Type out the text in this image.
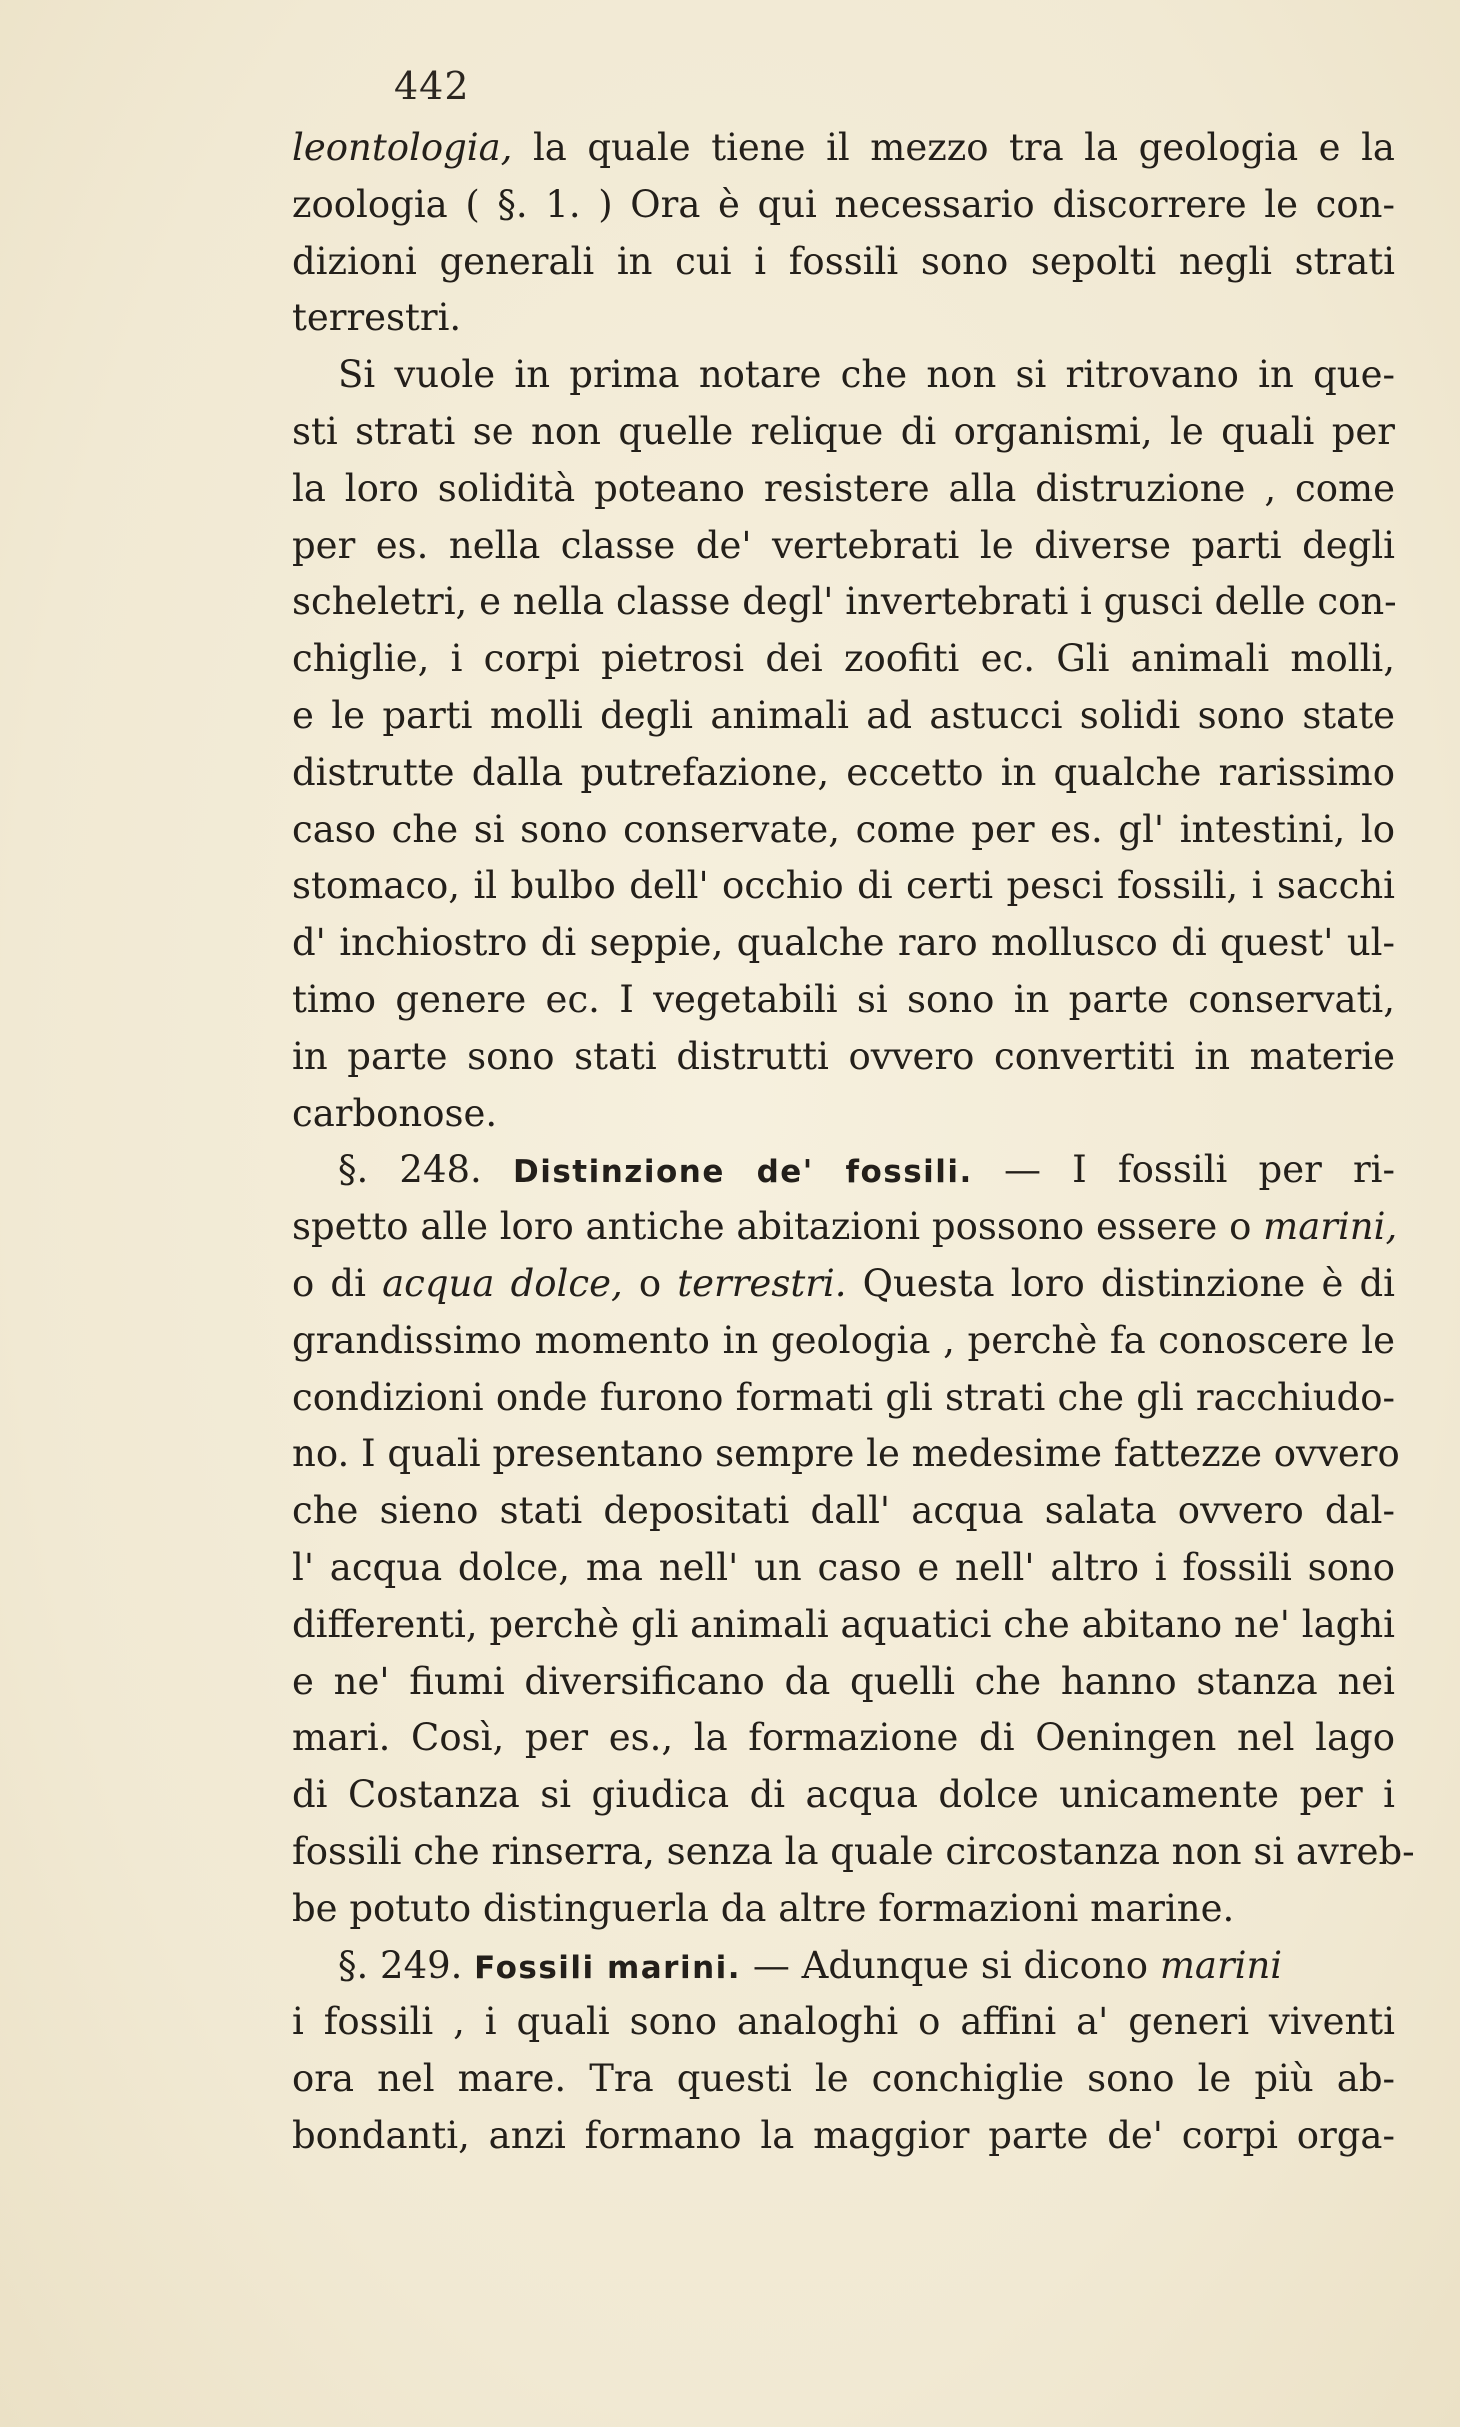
442
leontologia, la quale tiene il mezzo tra la geologia e la
zoologia ( §. 1. ) Ora è qui necessario discorrere le con-
dizioni generali in cui i fossili sono sepolti negli strati
terrestri.
Si vuole in prima notare che non si ritrovano in que-
sti strati se non quelle relique di organismi, le quali per
la loro solidità poteano resistere alla distruzione , come
per es. nella classe de' vertebrati le diverse parti degli
scheletri, e nella classe degl' invertebrati i gusci delle con-
chiglie, i corpi pietrosi dei zoofiti ec. Gli animali molli,
e le parti molli degli animali ad astucci solidi sono state
distrutte dalla putrefazione, eccetto in qualche rarissimo
caso che si sono conservate, come per es. gl' intestini, lo
stomaco, il bulbo dell' occhio di certi pesci fossili, i sacchi
d' inchiostro di seppie, qualche raro mollusco di quest' ul-
timo genere ec. I vegetabili si sono in parte conservati,
in parte sono stati distrutti ovvero convertiti in materie
carbonose.
§. 248. Distinzione de' fossili. — I fossili per ri-
spetto alle loro antiche abitazioni possono essere o marini,
o di acqua dolce, o terrestri. Questa loro distinzione è di
grandissimo momento in geologia , perchè fa conoscere le
condizioni onde furono formati gli strati che gli racchiudo-
no. I quali presentano sempre le medesime fattezze ovvero
che sieno stati depositati dall' acqua salata ovvero dal-
l' acqua dolce, ma nell' un caso e nell' altro i fossili sono
differenti, perchè gli animali aquatici che abitano ne' laghi
e ne' fiumi diversificano da quelli che hanno stanza nei
mari. Così, per es., la formazione di Oeningen nel lago
di Costanza si giudica di acqua dolce unicamente per i
fossili che rinserra, senza la quale circostanza non si avreb-
be potuto distinguerla da altre formazioni marine.
§. 249. Fossili marini. — Adunque si dicono marini
i fossili , i quali sono analoghi o affini a' generi viventi
ora nel mare. Tra questi le conchiglie sono le più ab-
bondanti, anzi formano la maggior parte de' corpi orga-
